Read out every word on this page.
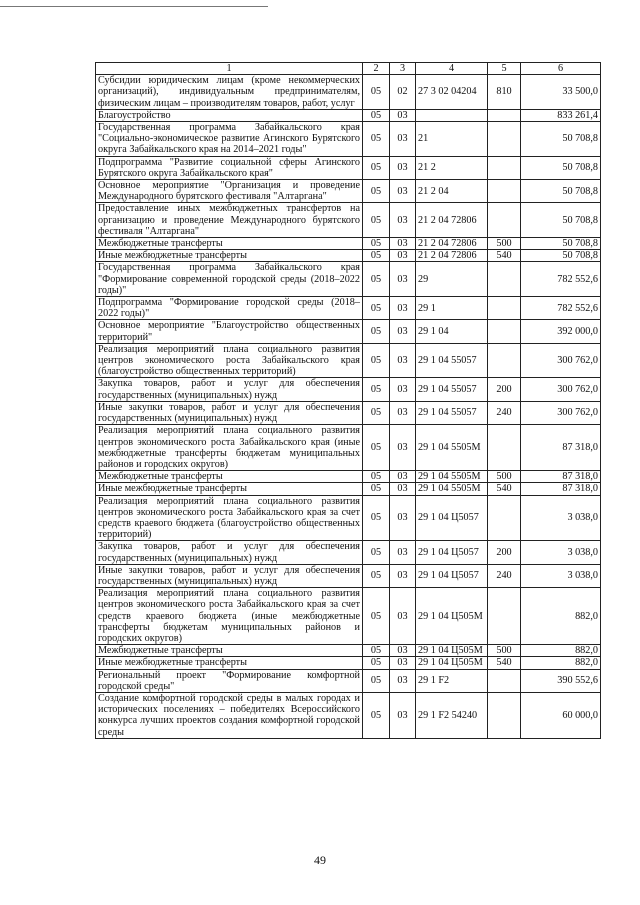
1	2	3	4	5	6
Субсидии юридическим лицам (кроме некоммерческих организаций), индивидуальным предпринимателям, физическим лицам – производителям товаров, работ, услуг	05	02	27 3 02 04204	810	33 500,0
Благоустройство	05	03			833 261,4
Государственная программа Забайкальского края "Социально-экономическое развитие Агинского Бурятского округа Забайкальского края на 2014–2021 годы"	05	03	21		50 708,8
Подпрограмма "Развитие социальной сферы Агинского Бурятского округа Забайкальского края"	05	03	21 2		50 708,8
Основное мероприятие "Организация и проведение Международного бурятского фестиваля "Алтаргана"	05	03	21 2 04		50 708,8
Предоставление иных межбюджетных трансфертов на организацию и проведение Международного бурятского фестиваля "Алтаргана"	05	03	21 2 04 72806		50 708,8
Межбюджетные трансферты	05	03	21 2 04 72806	500	50 708,8
Иные межбюджетные трансферты	05	03	21 2 04 72806	540	50 708,8
Государственная программа Забайкальского края "Формирование современной городской среды (2018–2022 годы)"	05	03	29		782 552,6
Подпрограмма "Формирование городской среды (2018–2022 годы)"	05	03	29 1		782 552,6
Основное мероприятие "Благоустройство общественных территорий"	05	03	29 1 04		392 000,0
Реализация мероприятий плана социального развития центров экономического роста Забайкальского края (благоустройство общественных территорий)	05	03	29 1 04 55057		300 762,0
Закупка товаров, работ и услуг для обеспечения государственных (муниципальных) нужд	05	03	29 1 04 55057	200	300 762,0
Иные закупки товаров, работ и услуг для обеспечения государственных (муниципальных) нужд	05	03	29 1 04 55057	240	300 762,0
Реализация мероприятий плана социального развития центров экономического роста Забайкальского края (иные межбюджетные трансферты бюджетам муниципальных районов и городских округов)	05	03	29 1 04 5505М		87 318,0
Межбюджетные трансферты	05	03	29 1 04 5505М	500	87 318,0
Иные межбюджетные трансферты	05	03	29 1 04 5505М	540	87 318,0
Реализация мероприятий плана социального развития центров экономического роста Забайкальского края за счет средств краевого бюджета (благоустройство общественных территорий)	05	03	29 1 04 Ц5057		3 038,0
Закупка товаров, работ и услуг для обеспечения государственных (муниципальных) нужд	05	03	29 1 04 Ц5057	200	3 038,0
Иные закупки товаров, работ и услуг для обеспечения государственных (муниципальных) нужд	05	03	29 1 04 Ц5057	240	3 038,0
Реализация мероприятий плана социального развития центров экономического роста Забайкальского края за счет средств краевого бюджета (иные межбюджетные трансферты бюджетам муниципальных районов и городских округов)	05	03	29 1 04 Ц505М		882,0
Межбюджетные трансферты	05	03	29 1 04 Ц505М	500	882,0
Иные межбюджетные трансферты	05	03	29 1 04 Ц505М	540	882,0
Региональный проект "Формирование комфортной городской среды"	05	03	29 1 F2		390 552,6
Создание комфортной городской среды в малых городах и исторических поселениях – победителях Всероссийского конкурса лучших проектов создания комфортной городской среды	05	03	29 1 F2 54240		60 000,0
49
